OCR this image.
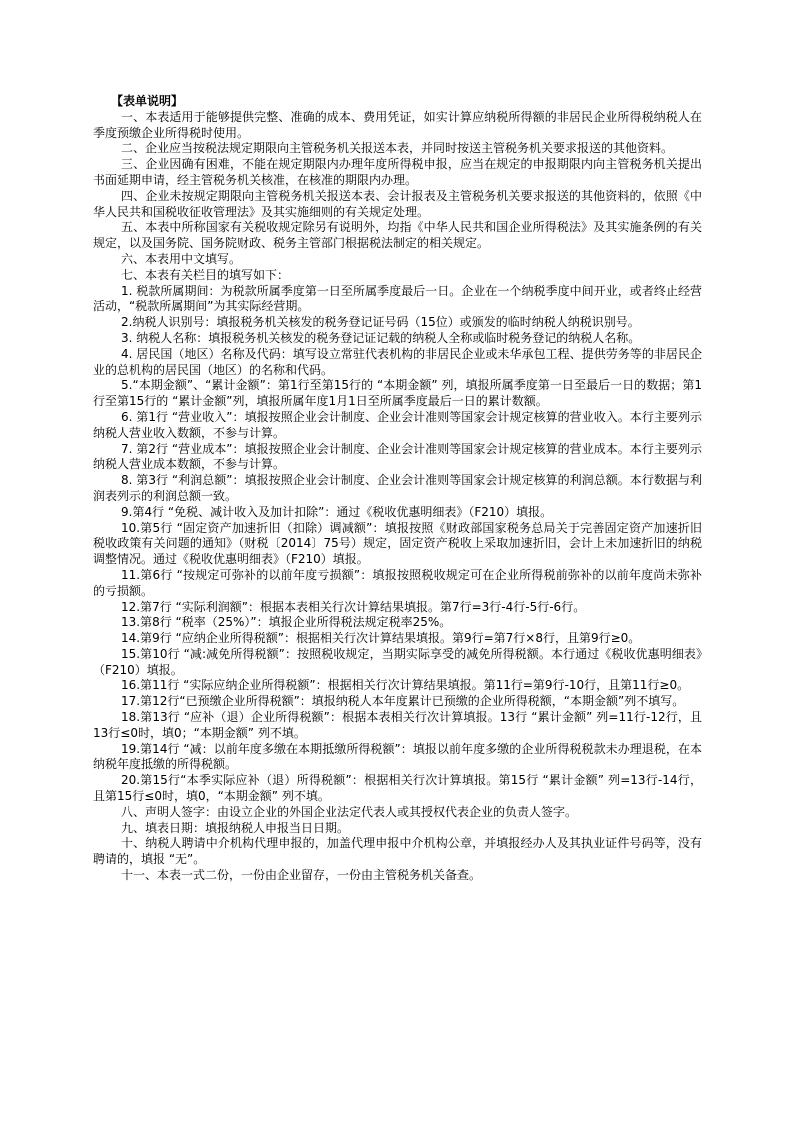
【表单说明】

一、本表适用于能够提供完整、准确的成本、费用凭证，如实计算应纳税所得额的非居民企业所得税纳税人在季度预缴企业所得税时使用。

二、企业应当按税法规定期限向主管税务机关报送本表，并同时按送主管税务机关要求报送的其他资料。

三、企业因确有困难，不能在规定期限内办理年度所得税申报，应当在规定的申报期限内向主管税务机关提出书面延期申请，经主管税务机关核准，在核准的期限内办理。

四、企业未按规定期限向主管税务机关报送本表、会计报表及主管税务机关要求报送的其他资料的，依照《中华人民共和国税收征收管理法》及其实施细则的有关规定处理。

五、本表中所称国家有关税收规定除另有说明外，均指《中华人民共和国企业所得税法》及其实施条例的有关规定，以及国务院、国务院财政、税务主管部门根据税法制定的相关规定。

六、本表用中文填写。

七、本表有关栏目的填写如下：

1. 税款所属期间：为税款所属季度第一日至所属季度最后一日。企业在一个纳税季度中间开业，或者终止经营活动，“税款所属期间”为其实际经营期。

2.纳税人识别号：填报税务机关核发的税务登记证号码（15位）或颁发的临时纳税人纳税识别号。

3. 纳税人名称：填报税务机关核发的税务登记证记载的纳税人全称或临时税务登记的纳税人名称。

4. 居民国（地区）名称及代码：填写设立常驻代表机构的非居民企业或未华承包工程、提供劳务等的非居民企业的总机构的居民国（地区）的名称和代码。

5.“本期金额”、“累计金额”：第1行至第15行的 “本期金额” 列，填报所属季度第一日至最后一日的数据；第1行至第15行的 “累计金额”列，填报所属年度1月1日至所属季度最后一日的累计数额。

6. 第1行 “营业收入”：填报按照企业会计制度、企业会计准则等国家会计规定核算的营业收入。本行主要列示纳税人营业收入数额，不参与计算。

7. 第2行 “营业成本”：填报按照企业会计制度、企业会计准则等国家会计规定核算的营业成本。本行主要列示纳税人营业成本数额，不参与计算。

8. 第3行 “利润总额”：填报按照企业会计制度、企业会计准则等国家会计规定核算的利润总额。本行数据与利润表列示的利润总额一致。

9.第4行 “免税、减计收入及加计扣除”：通过《税收优惠明细表》（F210）填报。

10.第5行 “固定资产加速折旧（扣除）调减额”：填报按照《财政部国家税务总局关于完善固定资产加速折旧税收政策有关问题的通知》（财税〔2014〕75号）规定，固定资产税收上采取加速折旧，会计上未加速折旧的纳税调整情况。通过《税收优惠明细表》（F210）填报。

11.第6行 “按规定可弥补的以前年度亏损额”：填报按照税收规定可在企业所得税前弥补的以前年度尚未弥补的亏损额。

12.第7行 “实际利润额”：根据本表相关行次计算结果填报。第7行=3行-4行-5行-6行。

13.第8行 “税率（25%）”：填报企业所得税法规定税率25%。

14.第9行 “应纳企业所得税额”：根据相关行次计算结果填报。第9行=第7行×8行，且第9行≥0。

15.第10行 “减:减免所得税额”：按照税收规定，当期实际享受的减免所得税额。本行通过《税收优惠明细表》（F210）填报。

16.第11行 “实际应纳企业所得税额”：根据相关行次计算结果填报。第11行=第9行-10行，且第11行≥0。

17.第12行“已预缴企业所得税额”：填报纳税人本年度累计已预缴的企业所得税额，“本期金额”列不填写。

18.第13行 “应补（退）企业所得税额”：根据本表相关行次计算填报。13行 “累计金额” 列=11行-12行，且13行≤0时，填0；“本期金额” 列不填。

19.第14行 “减：以前年度多缴在本期抵缴所得税额”：填报以前年度多缴的企业所得税税款未办理退税，在本纳税年度抵缴的所得税额。

20.第15行“本季实际应补（退）所得税额”：根据相关行次计算填报。第15行 “累计金额” 列=13行-14行，且第15行≤0时，填0，“本期金额” 列不填。

八、声明人签字：由设立企业的外国企业法定代表人或其授权代表企业的负责人签字。

九、填表日期：填报纳税人申报当日日期。

十、纳税人聘请中介机构代理申报的，加盖代理申报中介机构公章，并填报经办人及其执业证件号码等，没有聘请的，填报 “无”。

十一、本表一式二份，一份由企业留存，一份由主管税务机关备查。
